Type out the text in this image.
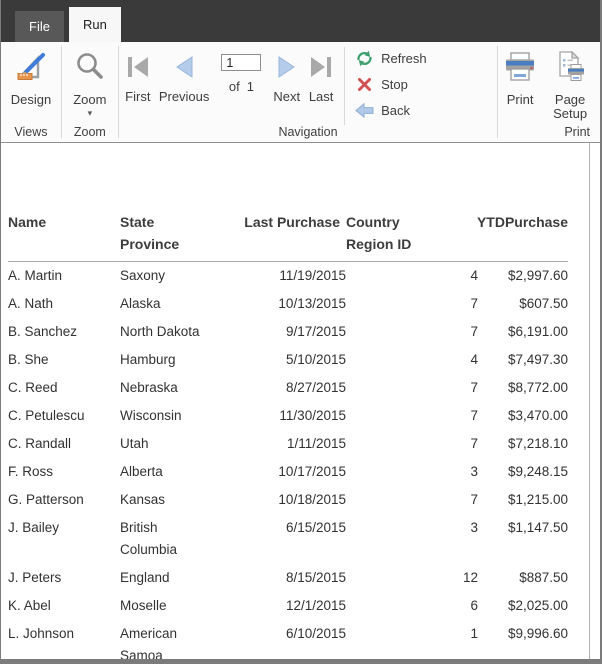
File	Run
Design
Views
Zoom
▾
Zoom
First Previous
1
of 1
Next Last
Refresh
Stop
Back
Navigation
Print	Page Setup
Print
Name	State Province	Last Purchase	Country Region ID	YTDPurchase

A. Martin	Saxony	11/19/2015	4	$2,997.60
A. Nath	Alaska	10/13/2015	7	$607.50
B. Sanchez	North Dakota	9/17/2015	7	$6,191.00
B. She	Hamburg	5/10/2015	4	$7,497.30
C. Reed	Nebraska	8/27/2015	7	$8,772.00
C. Petulescu	Wisconsin	11/30/2015	7	$3,470.00
C. Randall	Utah	1/11/2015	7	$7,218.10
F. Ross	Alberta	10/17/2015	3	$9,248.15
G. Patterson	Kansas	10/18/2015	7	$1,215.00
J. Bailey	British Columbia	6/15/2015	3	$1,147.50
J. Peters	England	8/15/2015	12	$887.50
K. Abel	Moselle	12/1/2015	6	$2,025.00
L. Johnson	American Samoa	6/10/2015	1	$9,996.60
